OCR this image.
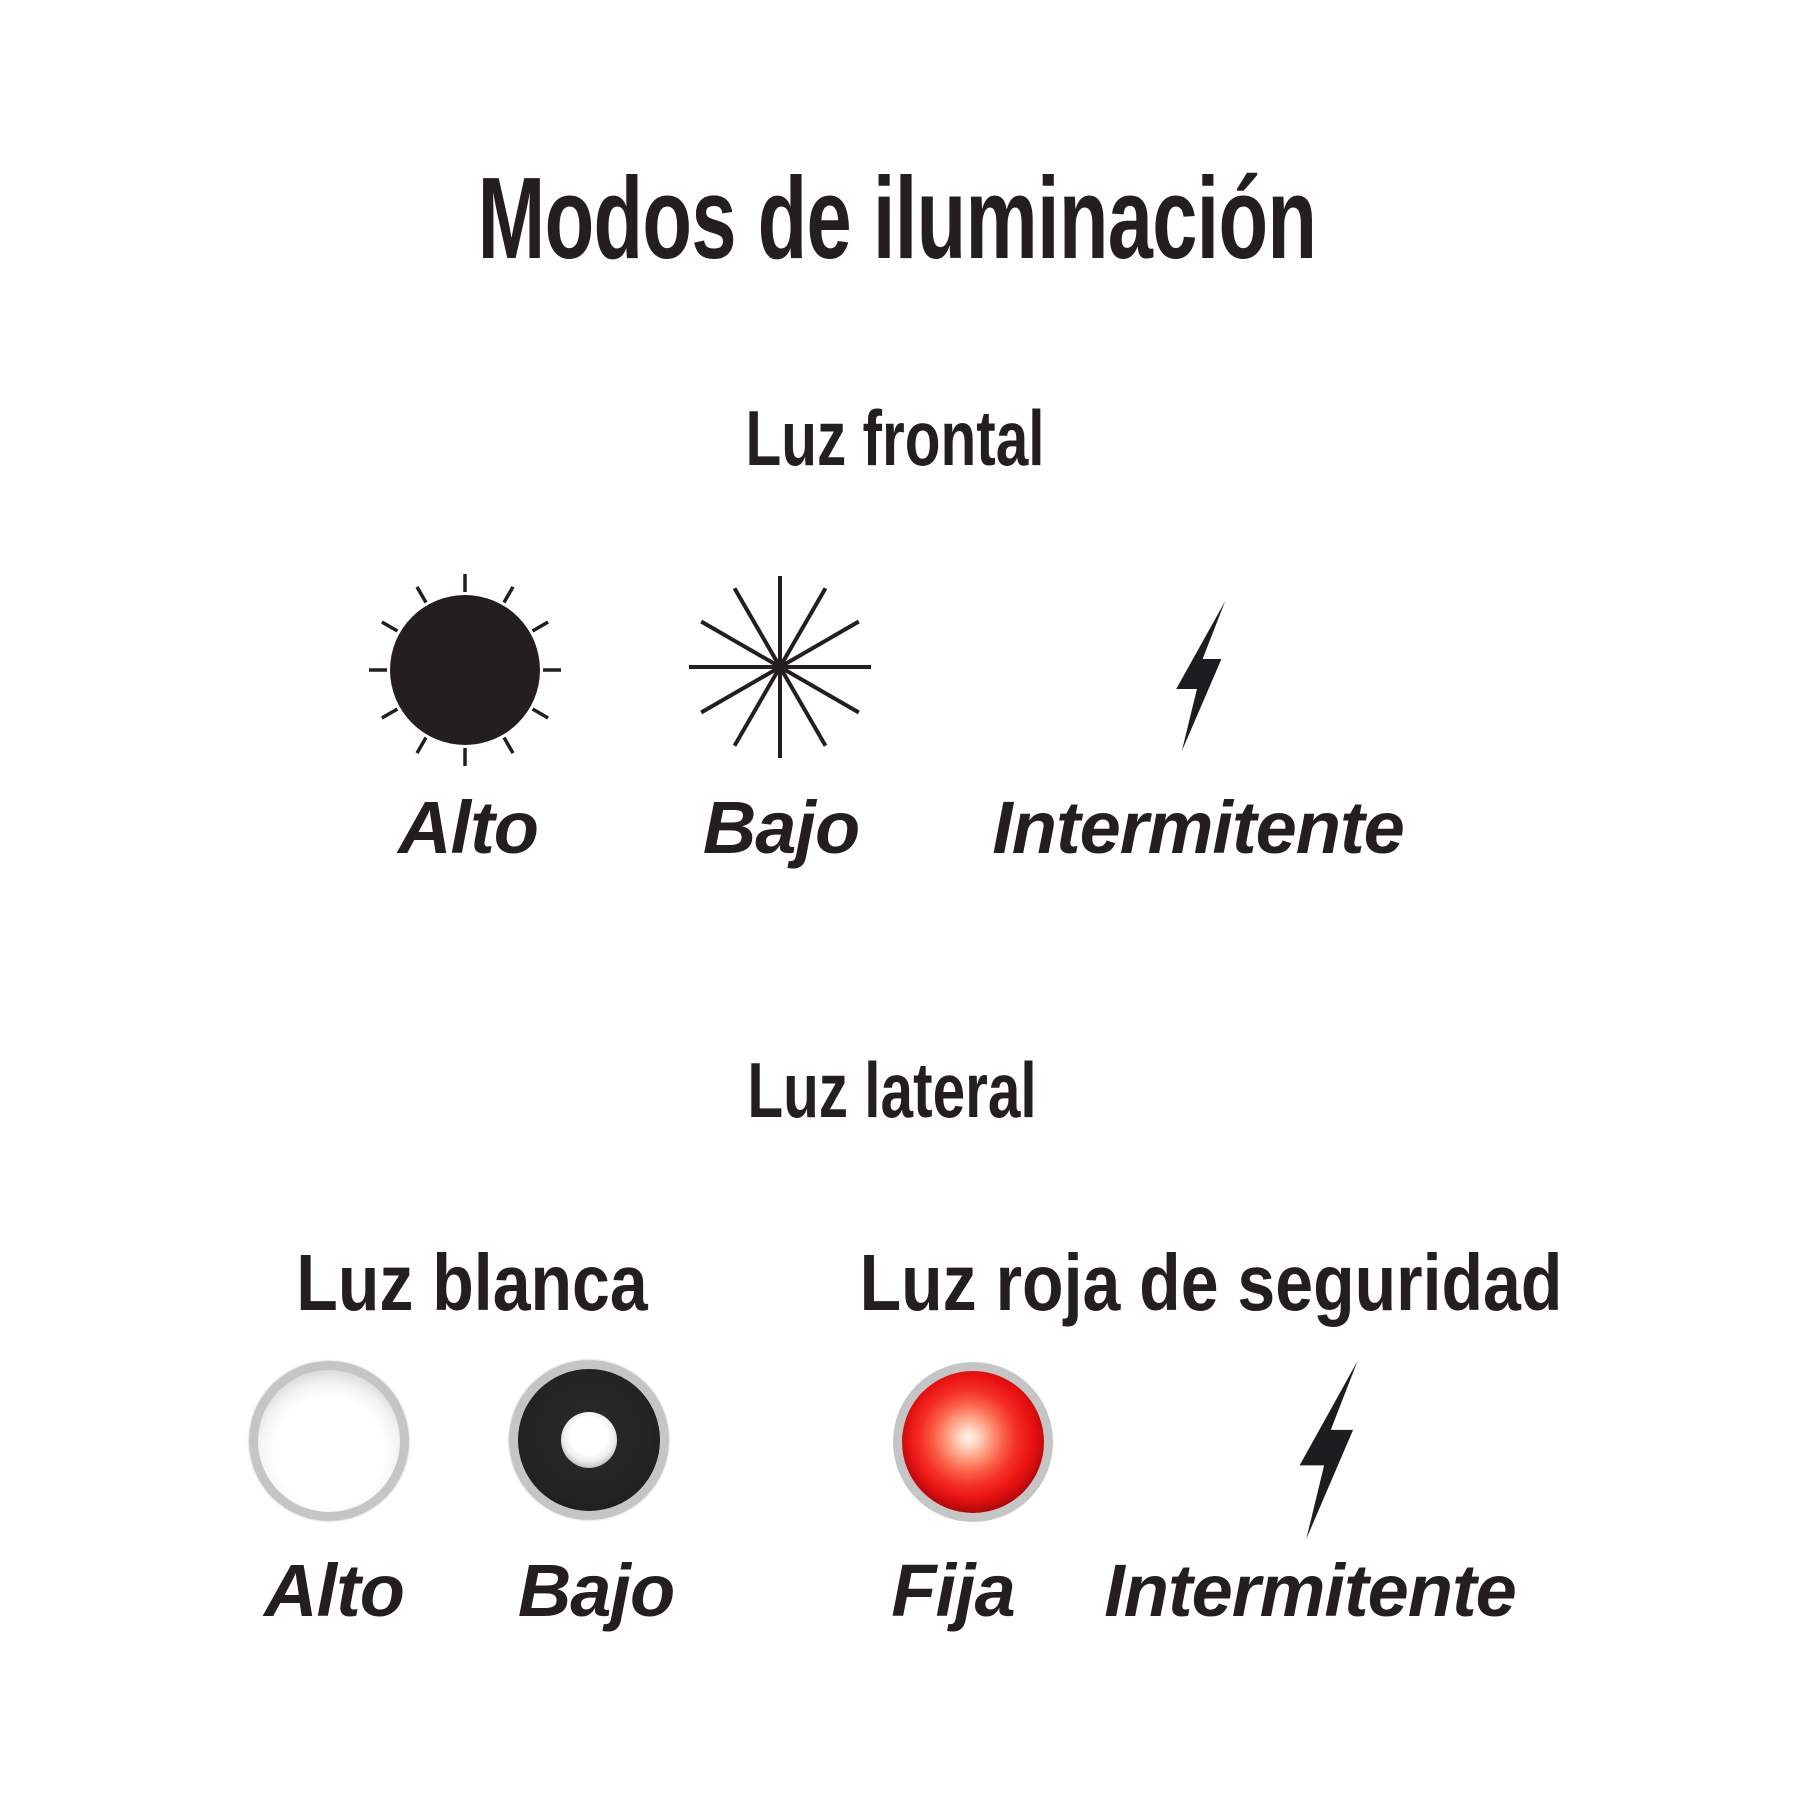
Modos de iluminación
Luz frontal
Alto Bajo Intermitente
Luz lateral
Luz blanca	Luz roja de seguridad
Alto Bajo	Fija Intermitente
